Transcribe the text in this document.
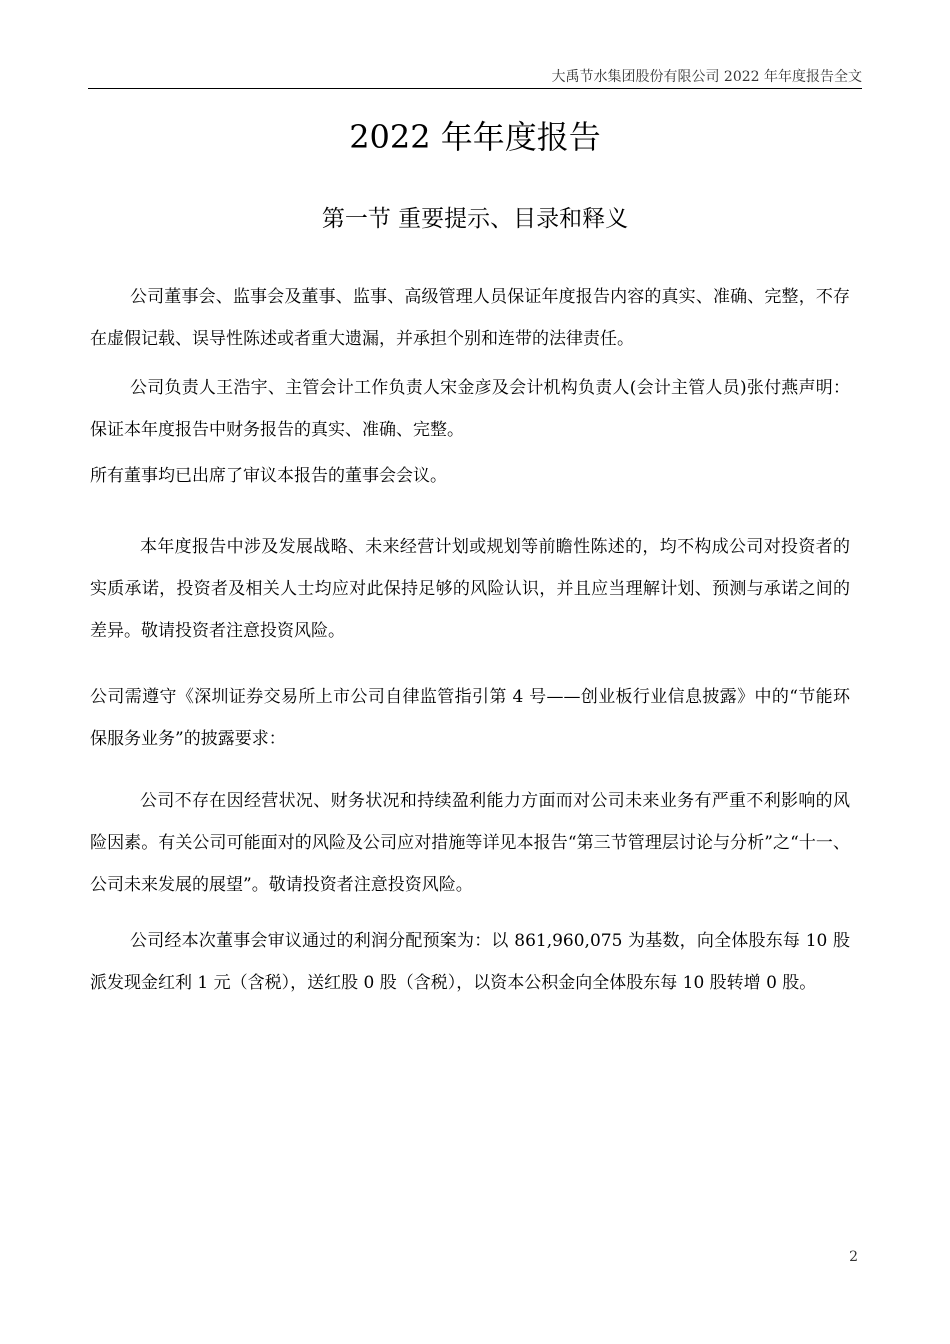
大禹节水集团股份有限公司 2022 年年度报告全文
2022 年年度报告
第一节 重要提示、目录和释义

公司董事会、监事会及董事、监事、高级管理人员保证年度报告内容的真实、准确、完整，不存在虚假记载、误导性陈述或者重大遗漏，并承担个别和连带的法律责任。

公司负责人王浩宇、主管会计工作负责人宋金彦及会计机构负责人(会计主管人员)张付燕声明：保证本年度报告中财务报告的真实、准确、完整。

所有董事均已出席了审议本报告的董事会会议。

本年度报告中涉及发展战略、未来经营计划或规划等前瞻性陈述的，均不构成公司对投资者的实质承诺，投资者及相关人士均应对此保持足够的风险认识，并且应当理解计划、预测与承诺之间的差异。敬请投资者注意投资风险。

公司需遵守《深圳证券交易所上市公司自律监管指引第 4 号——创业板行业信息披露》中的“节能环保服务业务”的披露要求：

公司不存在因经营状况、财务状况和持续盈利能力方面而对公司未来业务有严重不利影响的风险因素。有关公司可能面对的风险及公司应对措施等详见本报告“第三节管理层讨论与分析”之“十一、公司未来发展的展望”。敬请投资者注意投资风险。

公司经本次董事会审议通过的利润分配预案为：以 861,960,075 为基数，向全体股东每 10 股派发现金红利 1 元（含税），送红股 0 股（含税），以资本公积金向全体股东每 10 股转增 0 股。

2
